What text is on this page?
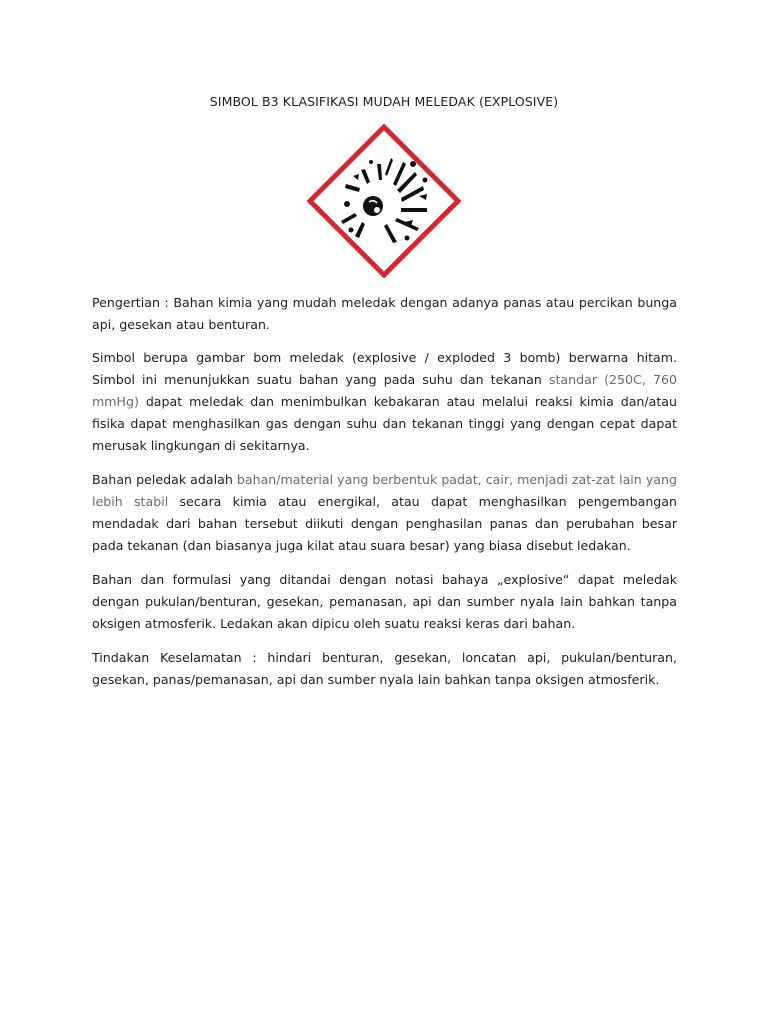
SIMBOL B3 KLASIFIKASI MUDAH MELEDAK (EXPLOSIVE)

Pengertian : Bahan kimia yang mudah meledak dengan adanya panas atau percikan bunga api, gesekan atau benturan.

Simbol berupa gambar bom meledak (explosive / exploded 3 bomb) berwarna hitam. Simbol ini menunjukkan suatu bahan yang pada suhu dan tekanan standar (250C, 760 mmHg) dapat meledak dan menimbulkan kebakaran atau melalui reaksi kimia dan/atau fisika dapat menghasilkan gas dengan suhu dan tekanan tinggi yang dengan cepat dapat merusak lingkungan di sekitarnya.

Bahan peledak adalah bahan/material yang berbentuk padat, cair, menjadi zat-zat lain yang lebih stabil secara kimia atau energikal, atau dapat menghasilkan pengembangan mendadak dari bahan tersebut diikuti dengan penghasilan panas dan perubahan besar pada tekanan (dan biasanya juga kilat atau suara besar) yang biasa disebut ledakan.

Bahan dan formulasi yang ditandai dengan notasi bahaya „explosive“ dapat meledak dengan pukulan/benturan, gesekan, pemanasan, api dan sumber nyala lain bahkan tanpa oksigen atmosferik. Ledakan akan dipicu oleh suatu reaksi keras dari bahan.

Tindakan Keselamatan : hindari benturan, gesekan, loncatan api, pukulan/benturan, gesekan, panas/pemanasan, api dan sumber nyala lain bahkan tanpa oksigen atmosferik.
